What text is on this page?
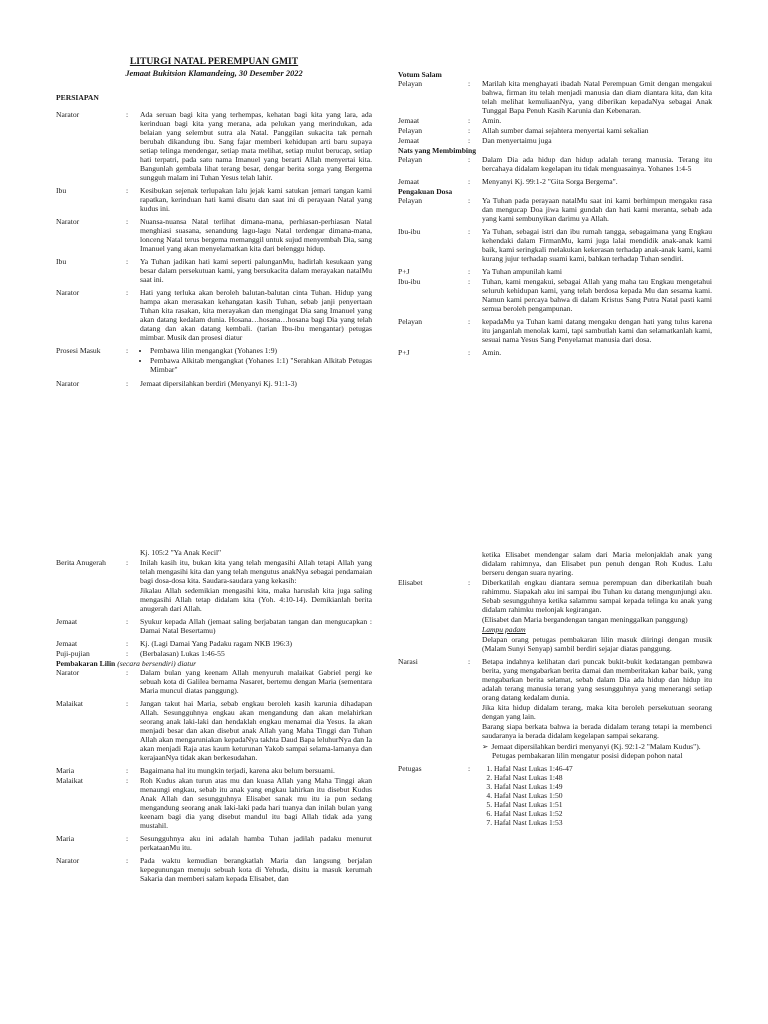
LITURGI NATAL PEREMPUAN GMIT

Jemaat Bukitsion Klamandeing, 30 Desember 2022

PERSIAPAN
Narator	:	Ada seruan bagi kita yang terhempas, kehatan bagi kita yang lara, ada kerinduan bagi kita yang merana, ada pelukan yang merindukan, ada belaian yang selembut sutra ala Natal. Panggilan sukacita tak pernah berubah dikandung ibu. Sang fajar memberi kehidupan arti baru supaya setiap telinga mendengar, setiap mata melihat, setiap mulut berucap, setiap hati terpatri, pada satu nama Imanuel yang berarti Allah menyertai kita. Bangunlah gembala lihat terang besar, dengar berita sorga yang Bergema sungguh malam ini Tuhan Yesus telah lahir.
Ibu	:	Kesibukan sejenak terlupakan lalu jejak kami satukan jemari tangan kami rapatkan, kerinduan hati kami disatu dan saat ini di perayaan Natal yang kudus ini.
Narator	:	Nuansa-nuansa Natal terlihat dimana-mana, perhiasan-perhiasan Natal menghiasi suasana, senandung lagu-lagu Natal terdengar dimana-mana, lonceng Natal terus bergema memanggil untuk sujud menyembah Dia, sang Imanuel yang akan menyelamatkan kita dari belenggu hidup.
Ibu	:	Ya Tuhan jadikan hati kami seperti palunganMu, hadirlah kesukaan yang besar dalam persekutuan kami, yang bersukacita dalam merayakan natalMu saat ini.
Narator	:	Hati yang terluka akan beroleh balutan-balutan cinta Tuhan. Hidup yang hampa akan merasakan kehangatan kasih Tuhan, sebab janji penyertaan Tuhan kita rasakan, kita merayakan dan mengingat Dia sang Imanuel yang akan datang kedalam dunia. Hosana…hosana…hosana bagi Dia yang telah datang dan akan datang kembali. (tarian Ibu-ibu mengantar) petugas mimbar. Musik dan prosesi diatur
Prosesi Masuk	:	• Pembawa lilin mengangkat (Yohanes 1:9)
• Pembawa Alkitab mengangkat (Yohanes 1:1) "Serahkan Alkitab Petugas Mimbar"
Narator	:	Jemaat dipersilahkan berdiri (Menyanyi Kj. 91:1-3)
Votum Salam
Pelayan	:	Marilah kita menghayati ibadah Natal Perempuan Gmit dengan mengakui bahwa, firman itu telah menjadi manusia dan diam diantara kita, dan kita telah melihat kemuliaanNya, yang diberikan kepadaNya sebagai Anak Tunggal Bapa Penuh Kasih Karunia dan Kebenaran.
Jemaat	:	Amin.
Pelayan	:	Allah sumber damai sejahtera menyertai kami sekalian
Jemaat	:	Dan menyertaimu juga
Nats yang Membimbing
Pelayan	:	Dalam Dia ada hidup dan hidup adalah terang manusia. Terang itu bercahaya didalam kegelapan itu tidak menguasainya. Yohanes 1:4-5
Jemaat	:	Menyanyi Kj. 99:1-2 "Gita Sorga Bergema".
Pengakuan Dosa
Pelayan	:	Ya Tuhan pada perayaan natalMu saat ini kami berhimpun mengaku rasa dan mengucap Doa jiwa kami gundah dan hati kami meranta, sebab ada yang kami sembunyikan darimu ya Allah.
Ibu-ibu	:	Ya Tuhan, sebagai istri dan ibu rumah tangga, sebagaimana yang Engkau kehendaki dalam FirmanMu, kami juga lalai mendidik anak-anak kami baik, kami seringkali melakukan kekerasan terhadap anak-anak kami, kami kurang jujur terhadap suami kami, bahkan terhadap Tuhan sendiri.
P+J	:	Ya Tuhan ampunilah kami
Ibu-ibu	:	Tuhan, kami mengakui, sebagai Allah yang maha tau Engkau mengetahui seluruh kehidupan kami, yang telah berdosa kepada Mu dan sesama kami. Namun kami percaya bahwa di dalam Kristus Sang Putra Natal pasti kami semua beroleh pengampunan.
Pelayan	:	kepadaMu ya Tuhan kami datang mengaku dengan hati yang tulus karena itu janganlah menolak kami, tapi sambutlah kami dan selamatkanlah kami, sesuai nama Yesus Sang Penyelamat manusia dari dosa.
P+J	:	Amin.
Kj. 105:2 "Ya Anak Kecil"
Berita Anugerah	:	Inilah kasih itu, bukan kita yang telah mengasihi Allah tetapi Allah yang telah mengasihi kita dan yang telah mengutus anakNya sebagai pendamaian bagi dosa-dosa kita. Saudara-saudara yang kekasih:

Jikalau Allah sedemikian mengasihi kita, maka haruslah kita juga saling mengasihi Allah tetap didalam kita (Yoh. 4:10-14). Demikianlah berita anugerah dari Allah.

Jemaat	:	Syukur kepada Allah (jemaat saling berjabatan tangan dan mengucapkan : Damai Natal Besertamu)
Jemaat	:	Kj. (Lagi Damai Yang Padaku ragam NKB 196:3)
Puji-pujian	:	(Berbalasan) Lukas 1:46-55
Pembakaran Lilin (secara bersendiri) diatur
Narator	:	Dalam bulan yang keenam Allah menyuruh malaikat Gabriel pergi ke sebuah kota di Galilea bernama Nasaret, bertemu dengan Maria (sementara Maria muncul diatas panggung).
Malaikat	:	Jangan takut hai Maria, sebab engkau beroleh kasih karunia dihadapan Allah. Sesungguhnya engkau akan mengandung dan akan melahirkan seorang anak laki-laki dan hendaklah engkau menamai dia Yesus. Ia akan menjadi besar dan akan disebut anak Allah yang Maha Tinggi dan Tuhan Allah akan mengaruniakan kepadaNya takhta Daud Bapa leluhurNya dan Ia akan menjadi Raja atas kaum keturunan Yakob sampai selama-lamanya dan kerajaanNya tidak akan berkesudahan.
Maria	:	Bagaimana hal itu mungkin terjadi, karena aku belum bersuami.
Malaikat	:	Roh Kudus akan turun atas mu dan kuasa Allah yang Maha Tinggi akan menaungi engkau, sebab itu anak yang engkau lahirkan itu disebut Kudus Anak Allah dan sesungguhnya Elisabet sanak mu itu ia pun sedang mengandung seorang anak laki-laki pada hari tuanya dan inilah bulan yang keenam bagi dia yang disebut mandul itu bagi Allah tidak ada yang mustahil.
Maria	:	Sesungguhnya aku ini adalah hamba Tuhan jadilah padaku menurut perkataanMu itu.
Narator	:	Pada waktu kemudian berangkatlah Maria dan langsung berjalan kepegunungan menuju sebuah kota di Yehuda, disitu ia masuk kerumah Sakaria dan memberi salam kepada Elisabet, dan
ketika Elisabet mendengar salam dari Maria melonjaklah anak yang didalam rahimnya, dan Elisabet pun penuh dengan Roh Kudus. Lalu berseru dengan suara nyaring.
Elisabet	:	Diberkatilah engkau diantara semua perempuan dan diberkatilah buah rahimmu. Siapakah aku ini sampai ibu Tuhan ku datang mengunjungi aku. Sebab sesungguhnya ketika salammu sampai kepada telinga ku anak yang didalam rahimku melonjak kegirangan.

(Elisabet dan Maria bergandengan tangan meninggalkan panggung)

Lampu padam

Delapan orang petugas pembakaran lilin masuk diiringi dengan musik (Malam Sunyi Senyap) sambil berdiri sejajar diatas panggung.

Narasi	:	Betapa indahnya kelihatan dari puncak bukit-bukit kedatangan pembawa berita, yang mengabarkan berita damai dan memberitakan kabar baik, yang mengabarkan berita selamat, sebab dalam Dia ada hidup dan hidup itu adalah terang manusia terang yang sesungguhnya yang menerangi setiap orang datang kedalam dunia.

Jika kita hidup didalam terang, maka kita beroleh persekutuan seorang dengan yang lain.

Barang siapa berkata bahwa ia berada didalam terang tetapi ia membenci saudaranya ia berada didalam kegelapan sampai sekarang.

➢ Jemaat dipersilahkan berdiri menyanyi (Kj. 92:1-2 "Malam Kudus").

Petugas pembakaran lilin mengatur posisi didepan pohon natal

Petugas	:	1. Hafal Nast Lukas 1:46-47
2. Hafal Nast Lukas 1:48
3. Hafal Nast Lukas 1:49
4. Hafal Nast Lukas 1:50
5. Hafal Nast Lukas 1:51
6. Hafal Nast Lukas 1:52
7. Hafal Nast Lukas 1:53
